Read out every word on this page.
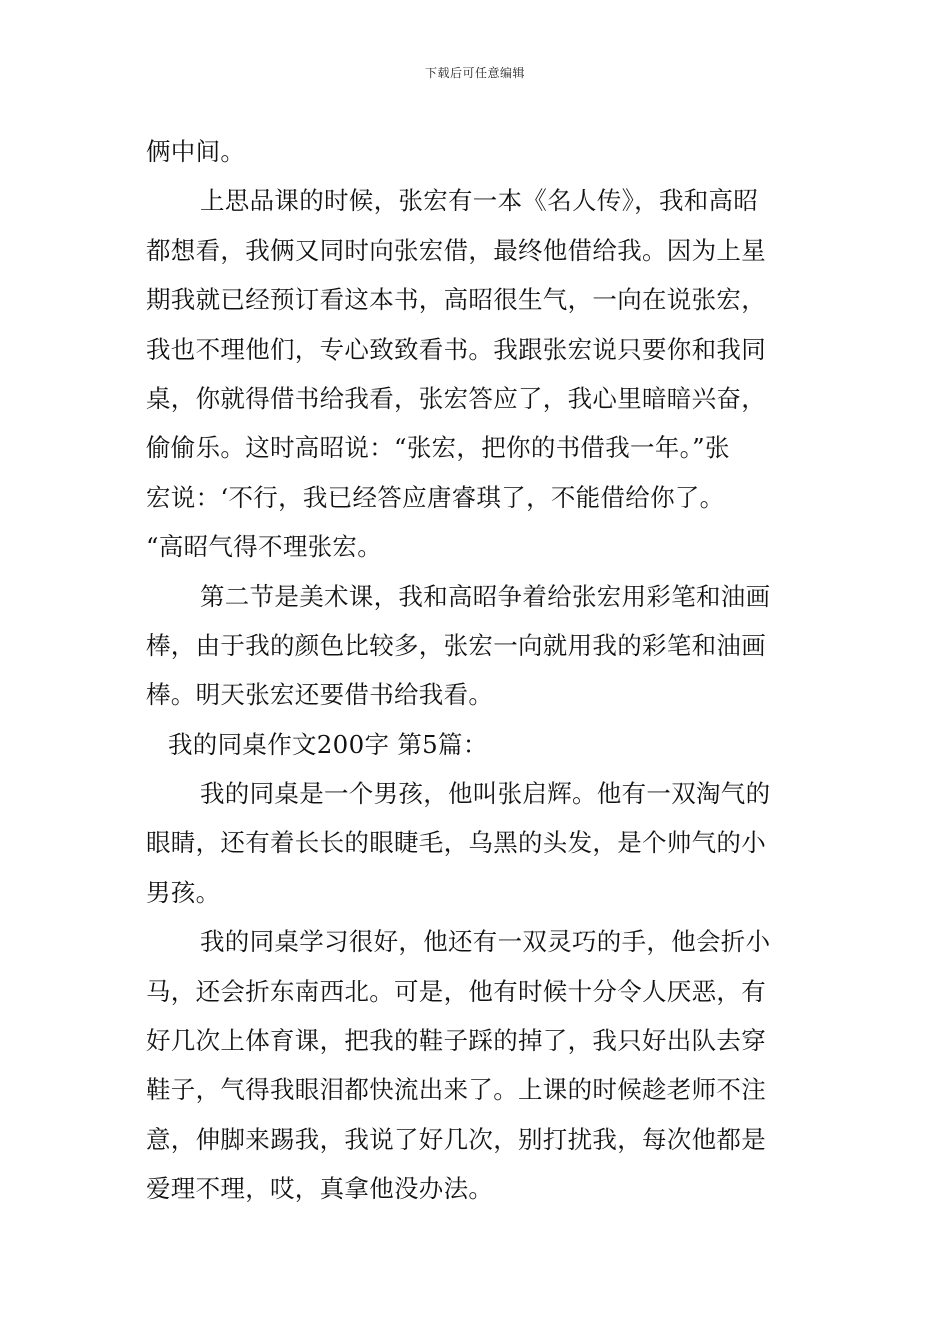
下载后可任意编辑
俩中间。
上思品课的时候，张宏有一本《名人传》，我和高昭
都想看，我俩又同时向张宏借，最终他借给我。因为上星
期我就已经预订看这本书，高昭很生气，一向在说张宏，
我也不理他们，专心致致看书。我跟张宏说只要你和我同
桌，你就得借书给我看，张宏答应了，我心里暗暗兴奋，
偷偷乐。这时高昭说：“张宏，把你的书借我一年。”张
宏说：‘不行，我已经答应唐睿琪了，不能借给你了。
“高昭气得不理张宏。
第二节是美术课，我和高昭争着给张宏用彩笔和油画
棒，由于我的颜色比较多，张宏一向就用我的彩笔和油画
棒。明天张宏还要借书给我看。
我的同桌作文200字 第5篇：
我的同桌是一个男孩，他叫张启辉。他有一双淘气的
眼睛，还有着长长的眼睫毛，乌黑的头发，是个帅气的小
男孩。
我的同桌学习很好，他还有一双灵巧的手，他会折小
马，还会折东南西北。可是，他有时候十分令人厌恶，有
好几次上体育课，把我的鞋子踩的掉了，我只好出队去穿
鞋子，气得我眼泪都快流出来了。上课的时候趁老师不注
意，伸脚来踢我，我说了好几次，别打扰我，每次他都是
爱理不理，哎，真拿他没办法。
